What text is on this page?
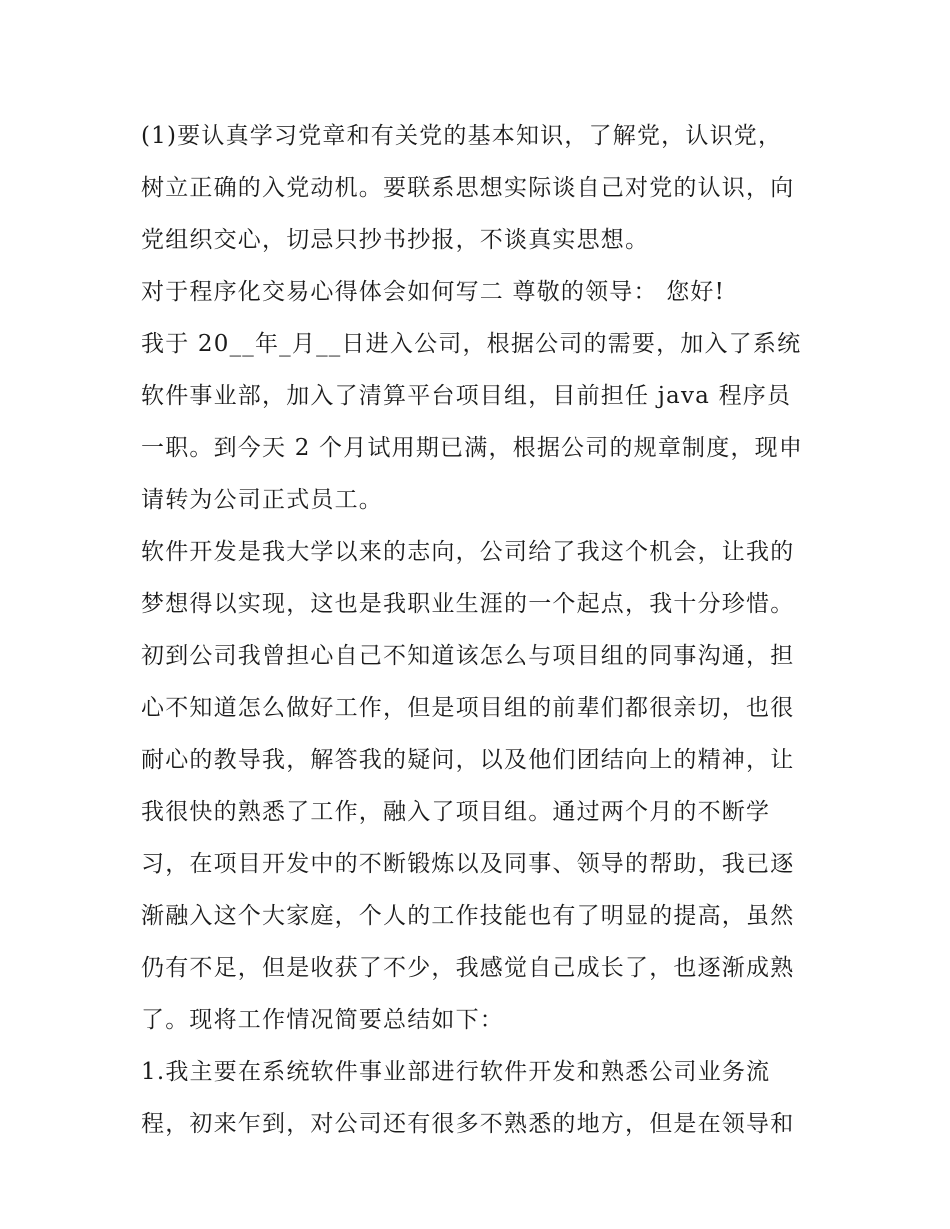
(1)要认真学习党章和有关党的基本知识，了解党，认识党，
树立正确的入党动机。要联系思想实际谈自己对党的认识，向
党组织交心，切忌只抄书抄报，不谈真实思想。
对于程序化交易心得体会如何写二 尊敬的领导： 您好!
我于 20__年_月__日进入公司，根据公司的需要，加入了系统
软件事业部，加入了清算平台项目组，目前担任 java 程序员
一职。到今天 2 个月试用期已满，根据公司的规章制度，现申
请转为公司正式员工。
软件开发是我大学以来的志向，公司给了我这个机会，让我的
梦想得以实现，这也是我职业生涯的一个起点，我十分珍惜。
初到公司我曾担心自己不知道该怎么与项目组的同事沟通，担
心不知道怎么做好工作，但是项目组的前辈们都很亲切，也很
耐心的教导我，解答我的疑问，以及他们团结向上的精神，让
我很快的熟悉了工作，融入了项目组。通过两个月的不断学
习，在项目开发中的不断锻炼以及同事、领导的帮助，我已逐
渐融入这个大家庭，个人的工作技能也有了明显的提高，虽然
仍有不足，但是收获了不少，我感觉自己成长了，也逐渐成熟
了。现将工作情况简要总结如下：
1.我主要在系统软件事业部进行软件开发和熟悉公司业务流
程，初来乍到，对公司还有很多不熟悉的地方，但是在领导和
